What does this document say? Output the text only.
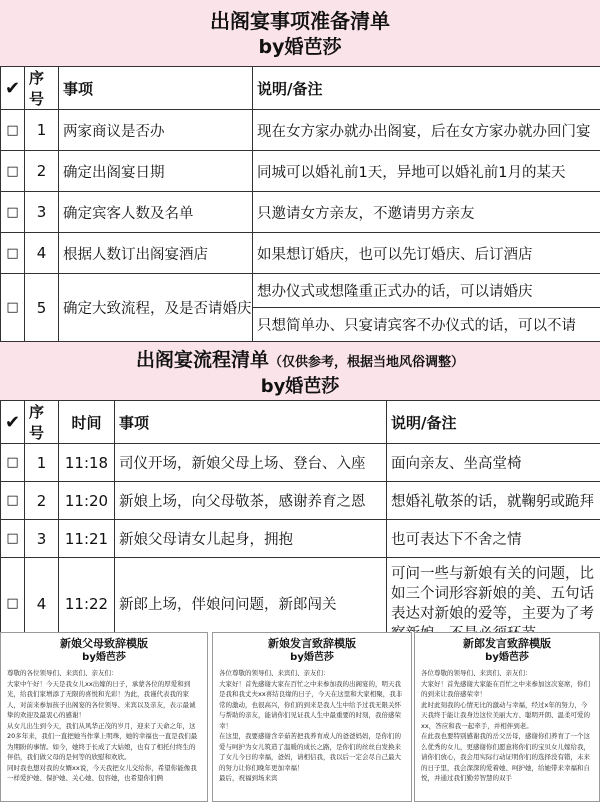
出阁宴事项准备清单
by婚芭莎
✔	序号	事项	说明/备注
□	1	两家商议是否办	现在女方家办就办出阁宴，后在女方家办就办回门宴
□	2	确定出阁宴日期	同城可以婚礼前1天，异地可以婚礼前1月的某天
□	3	确定宾客人数及名单	只邀请女方亲友，不邀请男方亲友
□	4	根据人数订出阁宴酒店	如果想订婚庆，也可以先订婚庆、后订酒店
□	5	确定大致流程，及是否请婚庆	想办仪式或想隆重正式办的话，可以请婚庆
			只想简单办、只宴请宾客不办仪式的话，可以不请
出阁宴流程清单（仅供参考，根据当地风俗调整）
by婚芭莎
✔	序号	时间	事项	说明/备注
□	1	11:18	司仪开场，新娘父母上场、登台、入座	面向亲友、坐高堂椅
□	2	11:20	新娘上场，向父母敬茶，感谢养育之恩	想婚礼敬茶的话，就鞠躬或跪拜
□	3	11:21	新娘父母请女儿起身，拥抱	也可表达下不舍之情
□	4	11:22	新郎上场，伴娘问问题，新郎闯关	可问一些与新娘有关的问题，比如三个词形容新娘的美、五句话表达对新娘的爱等，主要为了考
新娘父母致辞模版
by婚芭莎

尊敬的各位领导们、来宾们、亲友们：

大家中午好！今天是我女儿xx出嫁的日子，承蒙各位的厚爱和到光，给我们家增添了无限的喜悦和光彩！为此，我谨代表我的家人，对前来参加孩子出阁宴的各位领导、来宾以及亲友，表示最诚挚的欢迎及最衷心的感谢！

从女儿出生到今天，我们从风华正茂的岁月，迎来了天命之年，这20多年来，我们一直把她当作掌上明珠，她的幸福也一直是我们最为期盼的事情。如今，她终于长成了大姑娘，也有了相托付终生的伴侣，我们做父母的是何等的欣慰和欢欣。

同时我也想对我的女婿xx说，今天我把女儿交给你，希望你能像我一样爱护她、保护她、关心她、包容她，也希望你们俩

新娘发言致辞模版
by婚芭莎

各位尊敬的领导们、来宾们、亲友们：

大家好！首先感谢大家在百忙之中来参加我的出阁宴的，明天我是我和我丈夫xx喜结良缘的日子，今天在这里和大家相聚，我非常的激动，也很高兴，你们的到来是我人生中给予过我无限关怀与帮助的亲友，能请你们见证我人生中最重要的时刻，我倍感荣幸！

在这里，我要感谢含辛茹苦把我养育成人的爸爸妈妈，是你们的爱与呵护为女儿筑造了温暖的成长之路，是你们的丝丝白发换来了女儿今日的幸福，爸妈，请相信我，我以后一定会尽自己最大的努力让你们晚年更加幸福！

最后，祝福到场来宾

新郎发言致辞模版
by婚芭莎

各位尊敬的领导们、来宾们、亲友们：

大家好！首先感谢大家能在百忙之中来参加这次宴席，你们的到来让我倍感荣幸！

此时此刻我的心情无比的激动与幸福，经过x年的努力，今天我终于能让我身边这位美丽大方、聪明开朗、温柔可爱的xx，答应和我一起牵手，并相伴到老。

在此我也要特别感谢我的岳父岳母，感谢你们养育了一个这么优秀的女儿，更感谢你们愿意将你们的宝贝女儿嫁给我，请你们放心，我会用实际行动证明你们的选择没有错，未来的日子里，我会深深的爱着她、呵护她，给她带来幸福和自悦，并通过我们勤劳智慧的双手
